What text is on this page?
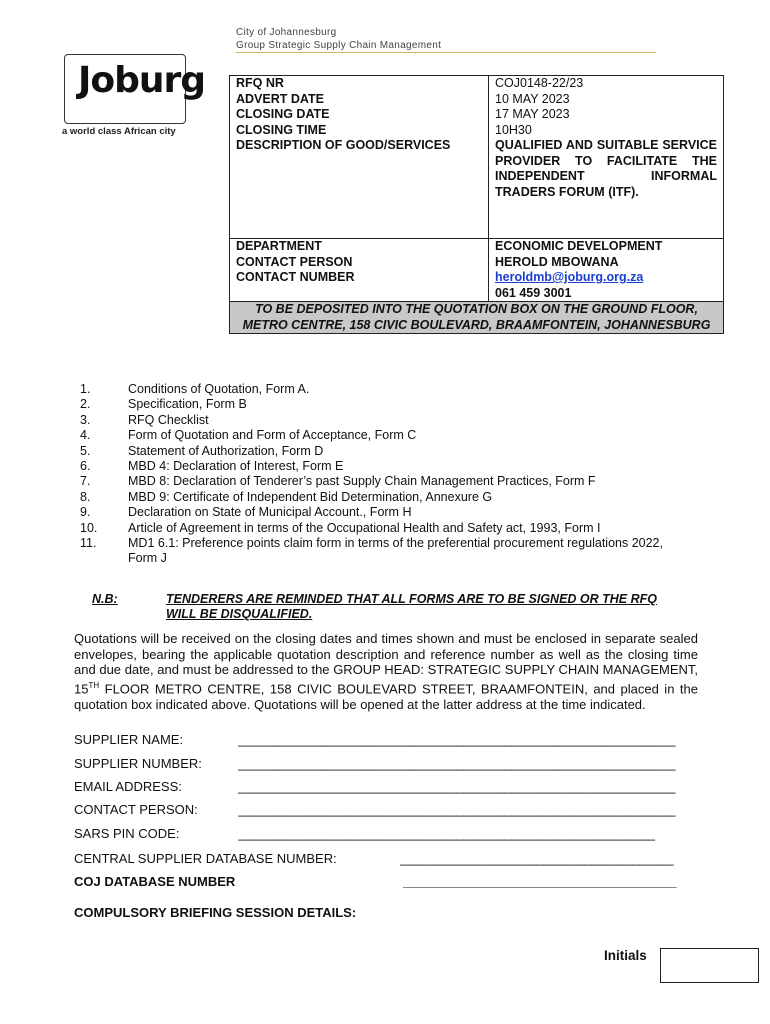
City of Johannesburg
Group Strategic Supply Chain Management
Joburg
a world class African city
RFQ NR	COJ0148-22/23
ADVERT DATE	10 MAY 2023
CLOSING DATE	17 MAY 2023
CLOSING TIME	10H30
DESCRIPTION OF GOOD/SERVICES	QUALIFIED AND SUITABLE SERVICE PROVIDER TO FACILITATE THE INDEPENDENT INFORMAL TRADERS FORUM (ITF).
DEPARTMENT	ECONOMIC DEVELOPMENT
CONTACT PERSON	HEROLD MBOWANA
CONTACT NUMBER	heroldmb@joburg.org.za
061 459 3001
TO BE DEPOSITED INTO THE QUOTATION BOX ON THE GROUND FLOOR, METRO CENTRE, 158 CIVIC BOULEVARD, BRAAMFONTEIN, JOHANNESBURG	
1.	Conditions of Quotation, Form A.
2.	Specification, Form B
3.	RFQ Checklist
4.	Form of Quotation and Form of Acceptance, Form C
5.	Statement of Authorization, Form D
6.	MBD 4: Declaration of Interest, Form E
7.	MBD 8: Declaration of Tenderer’s past Supply Chain Management Practices, Form F
8.	MBD 9: Certificate of Independent Bid Determination, Annexure G
9.	Declaration on State of Municipal Account., Form H
10.	Article of Agreement in terms of the Occupational Health and Safety act, 1993, Form I
11.	MD1 6.1: Preference points claim form in terms of the preferential procurement regulations 2022, Form J
N.B:	TENDERERS ARE REMINDED THAT ALL FORMS ARE TO BE SIGNED OR THE RFQ WILL BE DISQUALIFIED.
Quotations will be received on the closing dates and times shown and must be enclosed in separate sealed envelopes, bearing the applicable quotation description and reference number as well as the closing time and due date, and must be addressed to the GROUP HEAD: STRATEGIC SUPPLY CHAIN MANAGEMENT, 15TH FLOOR METRO CENTRE, 158 CIVIC BOULEVARD STREET, BRAAMFONTEIN, and placed in the quotation box indicated above. Quotations will be opened at the latter address at the time indicated.
SUPPLIER NAME:	________________________________________________________________
SUPPLIER NUMBER:	________________________________________________________________
EMAIL ADDRESS:	________________________________________________________________
CONTACT PERSON:	________________________________________________________________
SARS PIN CODE:	_____________________________________________________________
CENTRAL SUPPLIER DATABASE NUMBER:	________________________________________
COJ DATABASE NUMBER	________________________________________
COMPULSORY BRIEFING SESSION DETAILS:
Initials
